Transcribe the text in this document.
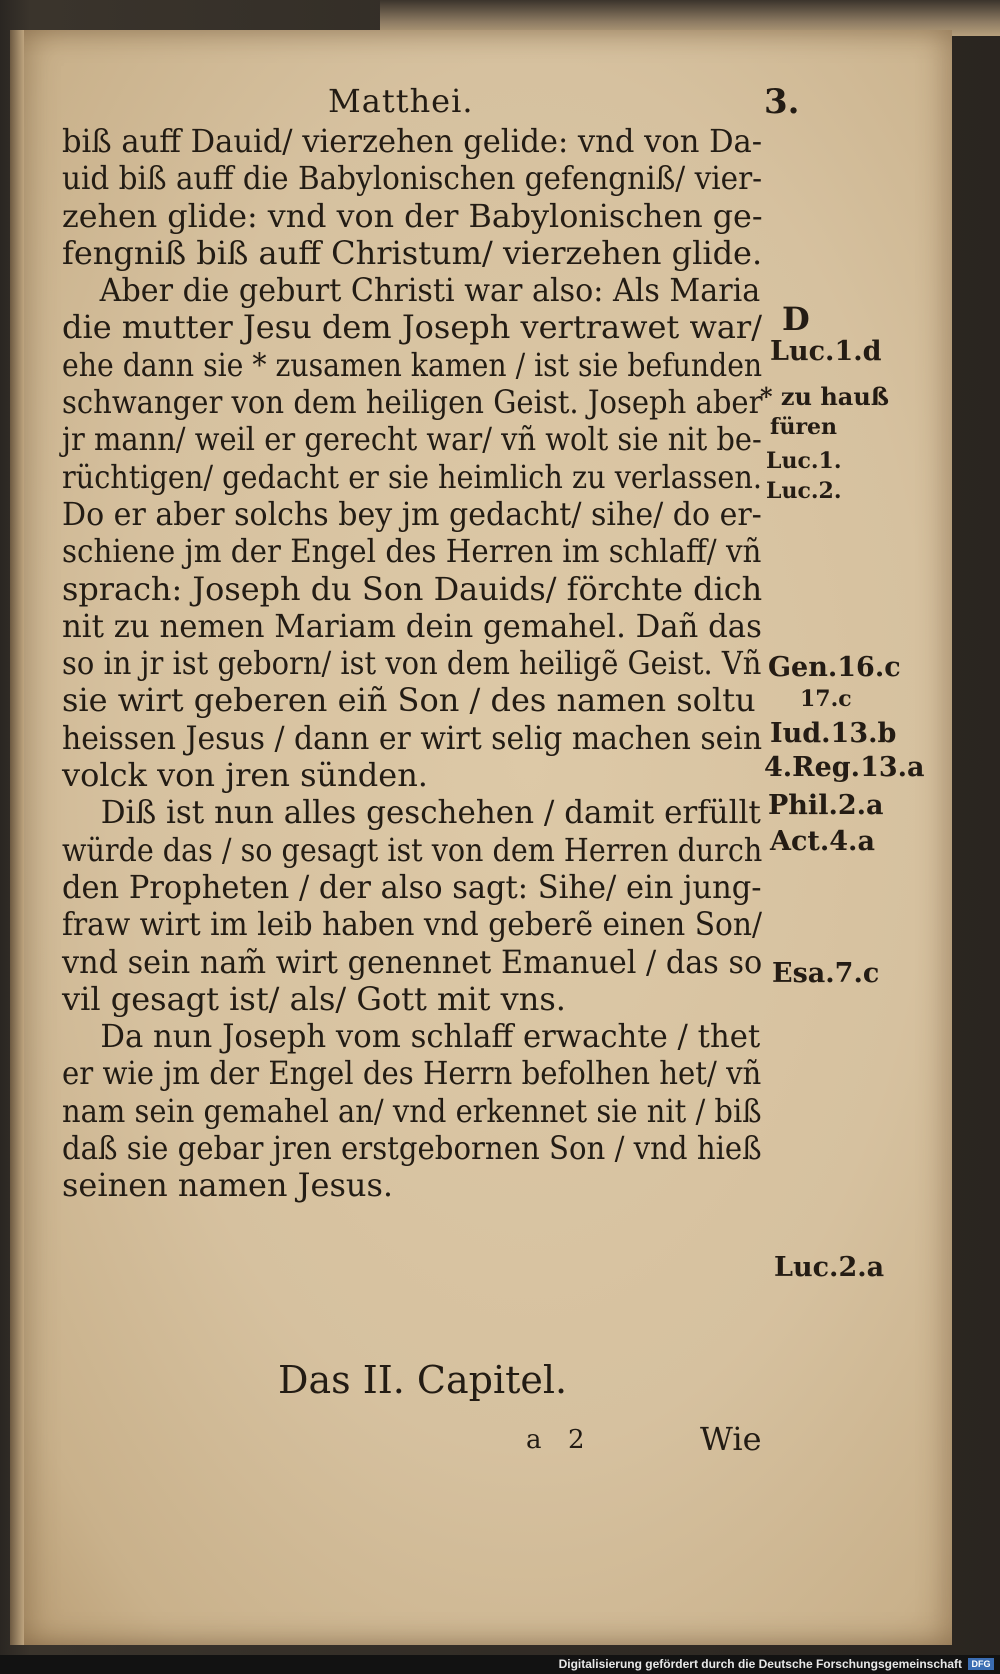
Matthei.	3.
biß auff Dauid/ vierzehen gelide: vnd von Da-
uid biß auff die Babylonischen gefengniß/ vier-
zehen glide: vnd von der Babylonischen ge-
fengniß biß auff Christum/ vierzehen glide.
Aber die geburt Christi war also: Als Maria
die mutter Jesu dem Joseph vertrawet war/
ehe dann sie * zusamen kamen / ist sie befunden
schwanger von dem heiligen Geist. Joseph aber
jr mann/ weil er gerecht war/ vñ wolt sie nit be-
rüchtigen/ gedacht er sie heimlich zu verlassen.
Do er aber solchs bey jm gedacht/ sihe/ do er-
schiene jm der Engel des Herren im schlaff/ vñ
sprach: Joseph du Son Dauids/ förchte dich
nit zu nemen Mariam dein gemahel. Dañ das
so in jr ist geborn/ ist von dem heiligẽ Geist. Vñ
sie wirt geberen eiñ Son / des namen soltu
heissen Jesus / dann er wirt selig machen sein
volck von jren sünden.
Diß ist nun alles geschehen / damit erfüllt
würde das / so gesagt ist von dem Herren durch
den Propheten / der also sagt: Sihe/ ein jung-
fraw wirt im leib haben vnd geberẽ einen Son/
vnd sein nam̃ wirt genennet Emanuel / das so
vil gesagt ist/ als/ Gott mit vns.
Da nun Joseph vom schlaff erwachte / thet
er wie jm der Engel des Herrn befolhen het/ vñ
nam sein gemahel an/ vnd erkennet sie nit / biß
daß sie gebar jren erstgebornen Son / vnd hieß
seinen namen Jesus.
D
Luc.1.d
* zu hauß
füren
Luc.1.
Luc.2.
Gen.16.c
17.c
Iud.13.b
4.Reg.13.a
Phil.2.a
Act.4.a
Esa.7.c
Luc.2.a
Das II. Capitel.
a 2	Wie
Digitalisierung gefördert durch die Deutsche Forschungsgemeinschaft	DFG
